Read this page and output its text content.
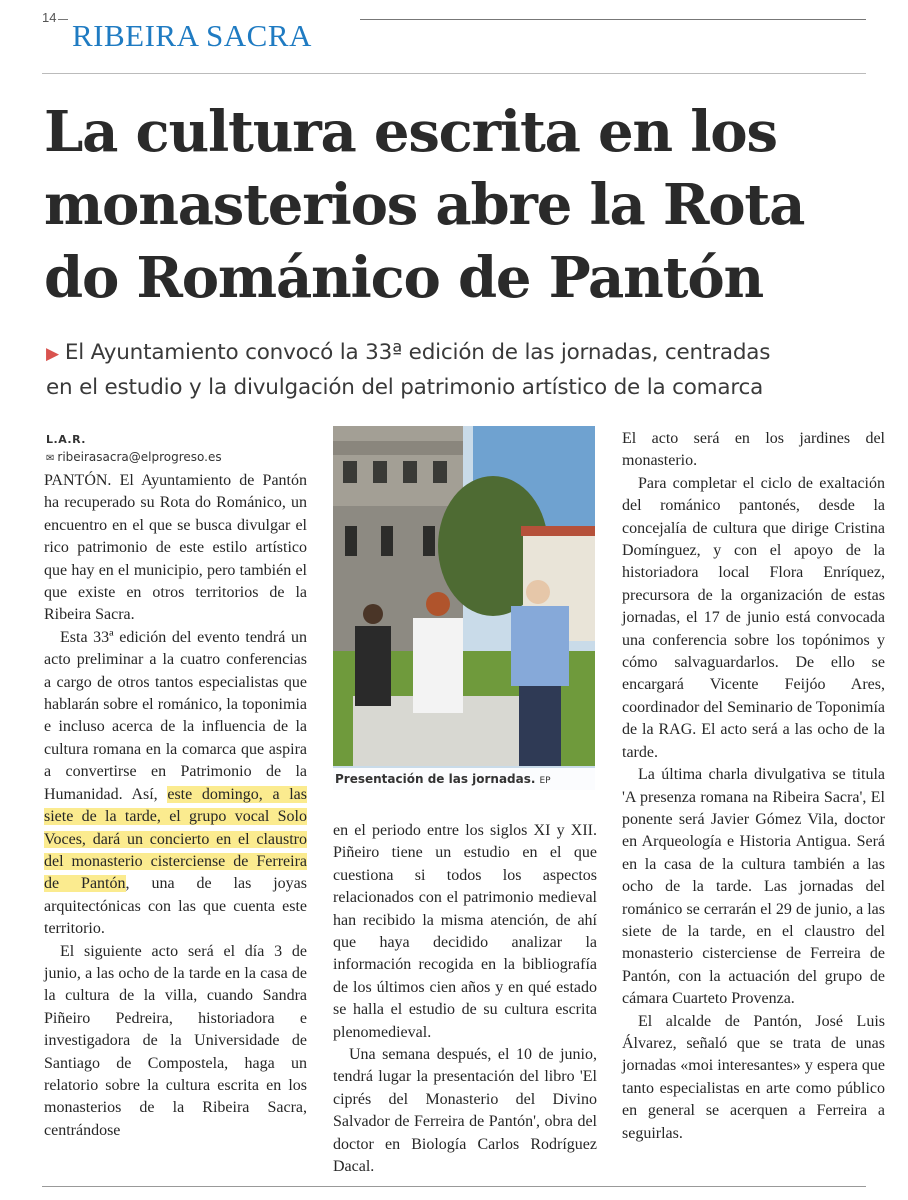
14
RIBEIRA SACRA
La cultura escrita en los
monasterios abre la Rota
do Románico de Pantón
▶ El Ayuntamiento convocó la 33ª edición de las jornadas, centradas
en el estudio y la divulgación del patrimonio artístico de la comarca
L.A.R.
✉ ribeirasacra@elprogreso.es

PANTÓN. El Ayuntamiento de Pantón ha recuperado su Rota do Románico, un encuentro en el que se busca divulgar el rico patrimonio de este estilo artístico que hay en el municipio, pero también el que existe en otros territorios de la Ribeira Sacra.

Esta 33ª edición del evento tendrá un acto preliminar a la cuatro conferencias a cargo de otros tantos especialistas que hablarán sobre el románico, la toponimia e incluso acerca de la influencia de la cultura romana en la comarca que aspira a convertirse en Patrimonio de la Humanidad. Así, este domingo, a las siete de la tarde, el grupo vocal Solo Voces, dará un concierto en el claustro del monasterio cisterciense de Ferreira de Pantón, una de las joyas arquitectónicas con las que cuenta este territorio.

El siguiente acto será el día 3 de junio, a las ocho de la tarde en la casa de la cultura de la villa, cuando Sandra Piñeiro Pedreira, historiadora e investigadora de la Universidade de Santiago de Compostela, haga un relatorio sobre la cultura escrita en los monasterios de la Ribeira Sacra, centrándose

Presentación de las jornadas. EP

en el periodo entre los siglos XI y XII. Piñeiro tiene un estudio en el que cuestiona si todos los aspectos relacionados con el patrimonio medieval han recibido la misma atención, de ahí que haya decidido analizar la información recogida en la bibliografía de los últimos cien años y en qué estado se halla el estudio de su cultura escrita plenomedieval.

Una semana después, el 10 de junio, tendrá lugar la presentación del libro 'El ciprés del Monasterio del Divino Salvador de Ferreira de Pantón', obra del doctor en Biología Carlos Rodríguez Dacal.

El acto será en los jardines del monasterio.

Para completar el ciclo de exaltación del románico pantonés, desde la concejalía de cultura que dirige Cristina Domínguez, y con el apoyo de la historiadora local Flora Enríquez, precursora de la organización de estas jornadas, el 17 de junio está convocada una conferencia sobre los topónimos y cómo salvaguardarlos. De ello se encargará Vicente Feijóo Ares, coordinador del Seminario de Toponimía de la RAG. El acto será a las ocho de la tarde.

La última charla divulgativa se titula 'A presenza romana na Ribeira Sacra', El ponente será Javier Gómez Vila, doctor en Arqueología e Historia Antigua. Será en la casa de la cultura también a las ocho de la tarde. Las jornadas del románico se cerrarán el 29 de junio, a las siete de la tarde, en el claustro del monasterio cisterciense de Ferreira de Pantón, con la actuación del grupo de cámara Cuarteto Provenza.

El alcalde de Pantón, José Luis Álvarez, señaló que se trata de unas jornadas «moi interesantes» y espera que tanto especialistas en arte como público en general se acerquen a Ferreira a seguirlas.
